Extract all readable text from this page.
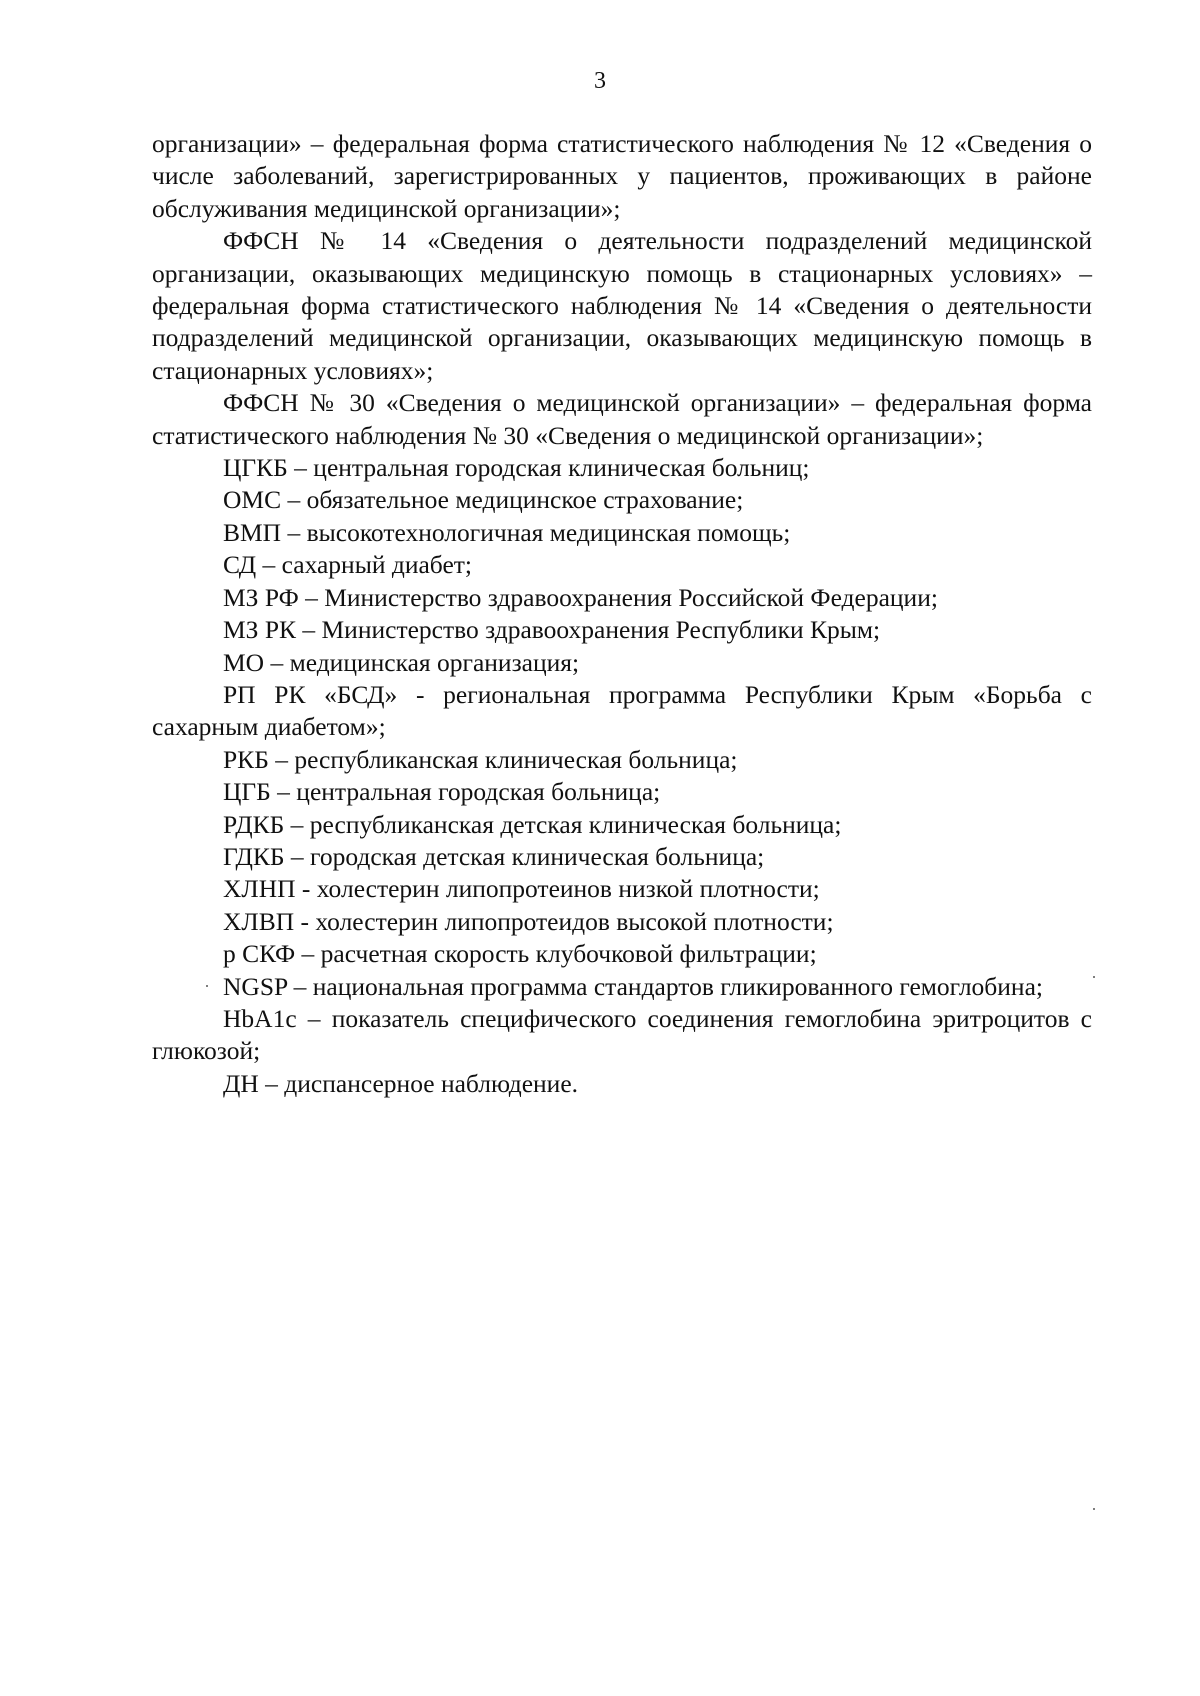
3

организации» – федеральная форма статистического наблюдения № 12 «Сведения о числе заболеваний, зарегистрированных у пациентов, проживающих в районе обслуживания медицинской организации»;

ФФСН № 14 «Сведения о деятельности подразделений медицинской организации, оказывающих медицинскую помощь в стационарных условиях» – федеральная форма статистического наблюдения № 14 «Сведения о деятельности подразделений медицинской организации, оказывающих медицинскую помощь в стационарных условиях»;

ФФСН № 30 «Сведения о медицинской организации» – федеральная форма статистического наблюдения № 30 «Сведения о медицинской организации»;

ЦГКБ – центральная городская клиническая больниц;

ОМС – обязательное медицинское страхование;

ВМП – высокотехнологичная медицинская помощь;

СД – сахарный диабет;

МЗ РФ – Министерство здравоохранения Российской Федерации;

МЗ РК – Министерство здравоохранения Республики Крым;

МО – медицинская организация;

РП РК «БСД» - региональная программа Республики Крым «Борьба с сахарным диабетом»;

РКБ – республиканская клиническая больница;

ЦГБ – центральная городская больница;

РДКБ – республиканская детская клиническая больница;

ГДКБ – городская детская клиническая больница;

ХЛНП - холестерин липопротеинов низкой плотности;

ХЛВП - холестерин липопротеидов высокой плотности;

р СКФ – расчетная скорость клубочковой фильтрации;

NGSP – национальная программа стандартов гликированного гемоглобина;

HbA1c – показатель специфического соединения гемоглобина эритроцитов с глюкозой;

ДН – диспансерное наблюдение.
